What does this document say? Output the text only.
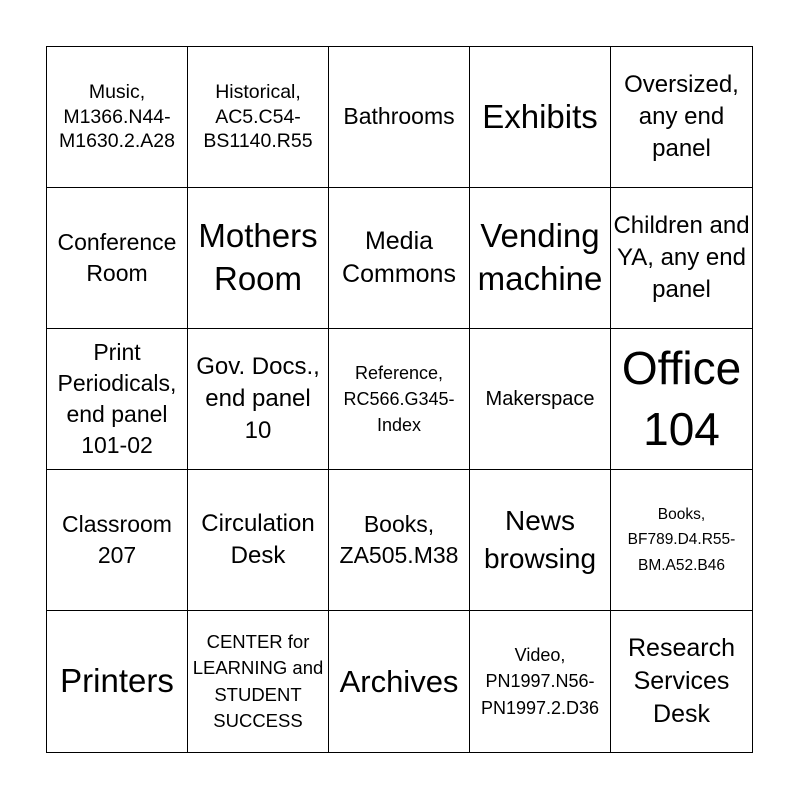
Music, M1366.N44-M1630.2.A28
Historical, AC5.C54-BS1140.R55
Bathrooms Exhibits
Oversized, any end panel
Conference Room
Mothers Room
Media Commons
Vending machine
Children and YA, any end panel
Print Periodicals, end panel 101-02
Gov. Docs., end panel 10
Reference, RC566.G345-Index
Makerspace
Office 104
Classroom 207
Circulation Desk
Books, ZA505.M38
News browsing
Books, BF789.D4.R55-BM.A52.B46
Printers
CENTER for LEARNING and STUDENT SUCCESS
Archives
Video, PN1997.N56-PN1997.2.D36
Research Services Desk
